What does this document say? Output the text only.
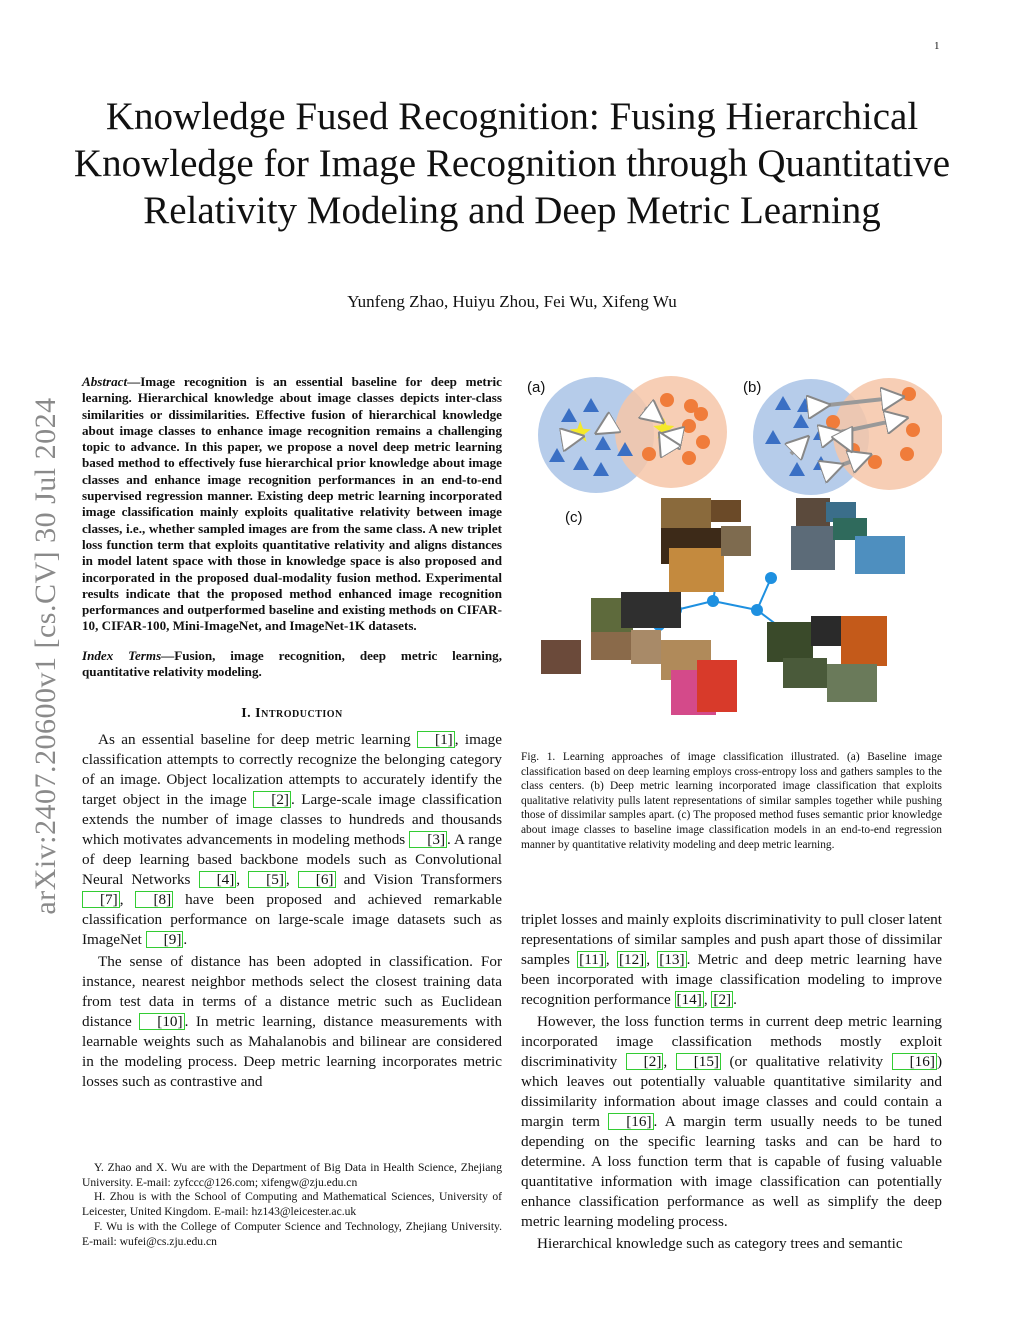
1
Knowledge Fused Recognition: Fusing Hierarchical Knowledge for Image Recognition through Quantitative Relativity Modeling and Deep Metric Learning
Yunfeng Zhao, Huiyu Zhou, Fei Wu, Xifeng Wu
arXiv:2407.20600v1 [cs.CV] 30 Jul 2024

Abstract—Image recognition is an essential baseline for deep metric learning. Hierarchical knowledge about image classes depicts inter-class similarities or dissimilarities. Effective fusion of hierarchical knowledge about image classes to enhance image recognition remains a challenging topic to advance. In this paper, we propose a novel deep metric learning based method to effectively fuse hierarchical prior knowledge about image classes and enhance image recognition performances in an end-to-end supervised regression manner. Existing deep metric learning incorporated image classification mainly exploits qualitative relativity between image classes, i.e., whether sampled images are from the same class. A new triplet loss function term that exploits quantitative relativity and aligns distances in model latent space with those in knowledge space is also proposed and incorporated in the proposed dual-modality fusion method. Experimental results indicate that the proposed method enhanced image recognition performances and outperformed baseline and existing methods on CIFAR-10, CIFAR-100, Mini-ImageNet, and ImageNet-1K datasets.

Index Terms—Fusion, image recognition, deep metric learning, quantitative relativity modeling.

I. Introduction

As an essential baseline for deep metric learning [1] , image classification attempts to correctly recognize the belonging category of an image. Object localization attempts to accurately identify the target object in the image [2] . Large-scale image classification extends the number of image classes to hundreds and thousands which motivates advancements in modeling methods [3] . A range of deep learning based backbone models such as Convolutional Neural Networks [4] , [5] , [6] and Vision Transformers [7] , [8] have been proposed and achieved remarkable classification performance on large-scale image datasets such as ImageNet [9] .

The sense of distance has been adopted in classification. For instance, nearest neighbor methods select the closest training data from test data in terms of a distance metric such as Euclidean distance [10] . In metric learning, distance measurements with learnable weights such as Mahalanobis and bilinear are considered in the modeling process. Deep metric learning incorporates metric losses such as contrastive and

Y. Zhao and X. Wu are with the Department of Big Data in Health Science, Zhejiang University. E-mail: zyfccc@126.com; xifengw@zju.edu.cn

H. Zhou is with the School of Computing and Mathematical Sciences, University of Leicester, United Kingdom. E-mail: hz143@leicester.ac.uk

F. Wu is with the College of Computer Science and Technology, Zhejiang University. E-mail: wufei@cs.zju.edu.cn

(a)	(b)
(c)

Fig. 1. Learning approaches of image classification illustrated. (a) Baseline image classification based on deep learning employs cross-entropy loss and gathers samples to the class centers. (b) Deep metric learning incorporated image classification that exploits qualitative relativity pulls latent representations of similar samples together while pushing those of dissimilar samples apart. (c) The proposed method fuses semantic prior knowledge about image classes to baseline image classification models in an end-to-end regression manner by quantitative relativity modeling and deep metric learning.

triplet losses and mainly exploits discriminativity to pull closer latent representations of similar samples and push apart those of dissimilar samples [11] , [12] , [13] . Metric and deep metric learning have been incorporated with image classification modeling to improve recognition performance [14] , [2] .

However, the loss function terms in current deep metric learning incorporated image classification methods mostly exploit discriminativity [2] , [15] (or qualitative relativity [16] ) which leaves out potentially valuable quantitative similarity and dissimilarity information about image classes and could contain a margin term [16] . A margin term usually needs to be tuned depending on the specific learning tasks and can be hard to determine. A loss function term that is capable of fusing valuable quantitative information with image classification can potentially enhance classification performance as well as simplify the deep metric learning modeling process.

Hierarchical knowledge such as category trees and semantic
